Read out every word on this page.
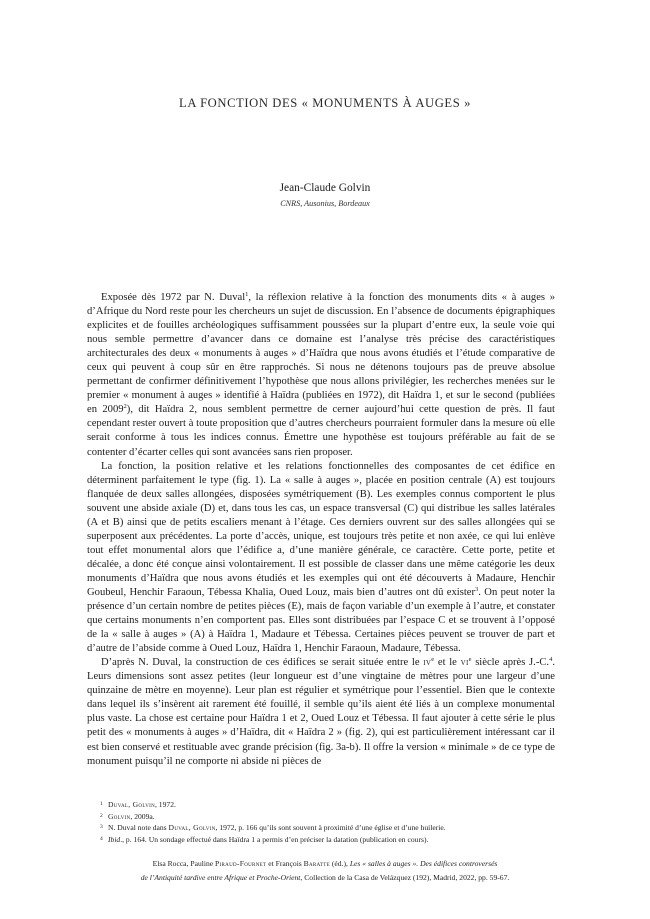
LA FONCTION DES « MONUMENTS À AUGES »
Jean-Claude Golvin
CNRS, Ausonius, Bordeaux

Exposée dès 1972 par N. Duval$^1$, la réflexion relative à la fonction des monuments dits « à auges » d’Afrique du Nord reste pour les chercheurs un sujet de discussion. En l’absence de documents épigraphiques explicites et de fouilles archéologiques suffisamment poussées sur la plupart d’entre eux, la seule voie qui nous semble permettre d’avancer dans ce domaine est l’analyse très précise des caractéristiques architecturales des deux « monuments à auges » d’Haïdra que nous avons étudiés et l’étude comparative de ceux qui peuvent à coup sûr en être rapprochés. Si nous ne détenons toujours pas de preuve absolue permettant de confirmer définitivement l’hypothèse que nous allons privilégier, les recherches menées sur le premier « monument à auges » identifié à Haïdra (publiées en 1972), dit Haïdra 1, et sur le second (publiées en 2009$^2$), dit Haïdra 2, nous semblent permettre de cerner aujourd’hui cette question de près. Il faut cependant rester ouvert à toute proposition que d’autres chercheurs pourraient formuler dans la mesure où elle serait conforme à tous les indices connus. Émettre une hypothèse est toujours préférable au fait de se contenter d’écarter celles qui sont avancées sans rien proposer.

La fonction, la position relative et les relations fonctionnelles des composantes de cet édifice en déterminent parfaitement le type (fig. 1). La « salle à auges », placée en position centrale (A) est toujours flanquée de deux salles allongées, disposées symétriquement (B). Les exemples connus comportent le plus souvent une abside axiale (D) et, dans tous les cas, un espace transversal (C) qui distribue les salles latérales (A et B) ainsi que de petits escaliers menant à l’étage. Ces derniers ouvrent sur des salles allongées qui se superposent aux précédentes. La porte d’accès, unique, est toujours très petite et non axée, ce qui lui enlève tout effet monumental alors que l’édifice a, d’une manière générale, ce caractère. Cette porte, petite et décalée, a donc été conçue ainsi volontairement. Il est possible de classer dans une même catégorie les deux monuments d’Haïdra que nous avons étudiés et les exemples qui ont été découverts à Madaure, Henchir Goubeul, Henchir Faraoun, Tébessa Khalia, Oued Louz, mais bien d’autres ont dû exister$^3$. On peut noter la présence d’un certain nombre de petites pièces (E), mais de façon variable d’un exemple à l’autre, et constater que certains monuments n’en comportent pas. Elles sont distribuées par l’espace C et se trouvent à l’opposé de la « salle à auges » (A) à Haïdra 1, Madaure et Tébessa. Certaines pièces peuvent se trouver de part et d’autre de l’abside comme à Oued Louz, Haïdra 1, Henchir Faraoun, Madaure, Tébessa.

D’après N. Duval, la construction de ces édifices se serait située entre le $iv^e$ et le $vi^e$ siècle après J.-C.$^4$. Leurs dimensions sont assez petites (leur longueur est d’une vingtaine de mètres pour une largeur d’une quinzaine de mètre en moyenne). Leur plan est régulier et symétrique pour l’essentiel. Bien que le contexte dans lequel ils s’insèrent ait rarement été fouillé, il semble qu’ils aient été liés à un complexe monumental plus vaste. La chose est certaine pour Haïdra 1 et 2, Oued Louz et Tébessa. Il faut ajouter à cette série le plus petit des « monuments à auges » d’Haïdra, dit « Haïdra 2 » (fig. 2), qui est particulièrement intéressant car il est bien conservé et restituable avec grande précision (fig. 3a-b). Il offre la version « minimale » de ce type de monument puisqu’il ne comporte ni abside ni pièces de

1 Duval, Golvin, 1972.
2 Golvin, 2009a.
3 N. Duval note dans Duval, Golvin, 1972, p. 166 qu’ils sont souvent à proximité d’une église et d’une huilerie.
4 Ibid., p. 164. Un sondage effectué dans Haïdra 1 a permis d’en préciser la datation (publication en cours).
Elsa Rocca, Pauline Piraud-Fournet et François Baratte (éd.), Les « salles à auges ». Des édifices controversés
de l’Antiquité tardive entre Afrique et Proche-Orient, Collection de la Casa de Velázquez (192), Madrid, 2022, pp. 59-67.
